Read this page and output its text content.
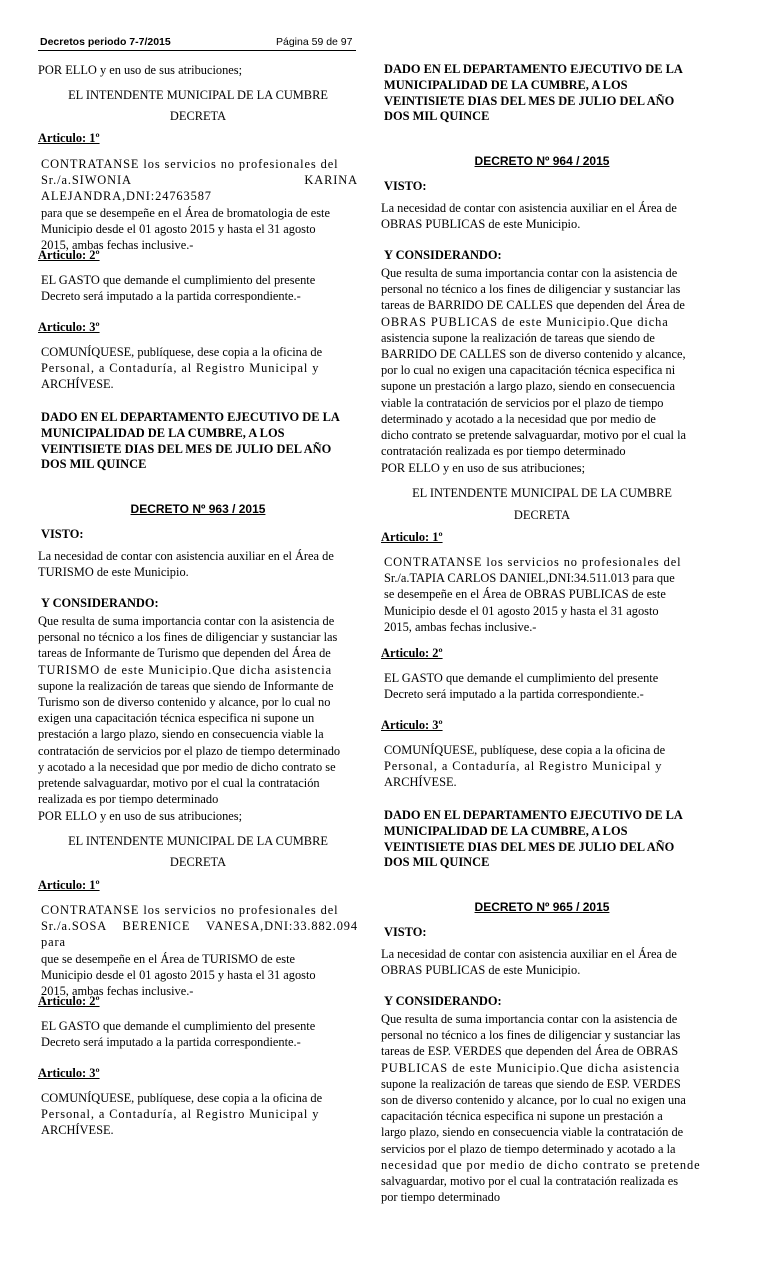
Decretos periodo 7-7/2015	Página 59 de 97
POR ELLO y en uso de sus atribuciones;
EL INTENDENTE MUNICIPAL DE LA CUMBRE
DECRETA
Articulo: 1º
CONTRATANSE los servicios no profesionales del
Sr./a.SIWONIA KARINA ALEJANDRA,DNI:24763587
para que se desempeñe en el Área de bromatologia de este
Municipio desde el 01 agosto 2015 y hasta el 31 agosto
2015, ambas fechas inclusive.-
Articulo: 2º
EL GASTO que demande el cumplimiento del presente
Decreto será imputado a la partida correspondiente.-
Articulo: 3º
COMUNÍQUESE, publíquese, dese copia a la oficina de
Personal, a Contaduría, al Registro Municipal y
ARCHÍVESE.
DADO EN EL DEPARTAMENTO EJECUTIVO DE LA
MUNICIPALIDAD DE LA CUMBRE, A LOS
VEINTISIETE DIAS DEL MES DE JULIO DEL AÑO
DOS MIL QUINCE
DECRETO Nº 963 / 2015
VISTO:
La necesidad de contar con asistencia auxiliar en el Área de
TURISMO de este Municipio.
Y CONSIDERANDO:
Que resulta de suma importancia contar con la asistencia de
personal no técnico a los fines de diligenciar y sustanciar las
tareas de Informante de Turismo que dependen del Área de
TURISMO de este Municipio.Que dicha asistencia
supone la realización de tareas que siendo de Informante de
Turismo son de diverso contenido y alcance, por lo cual no
exigen una capacitación técnica especifica ni supone un
prestación a largo plazo, siendo en consecuencia viable la
contratación de servicios por el plazo de tiempo determinado
y acotado a la necesidad que por medio de dicho contrato se
pretende salvaguardar, motivo por el cual la contratación
realizada es por tiempo determinado
POR ELLO y en uso de sus atribuciones;
EL INTENDENTE MUNICIPAL DE LA CUMBRE
DECRETA
Articulo: 1º
CONTRATANSE los servicios no profesionales del
Sr./a.SOSA BERENICE VANESA,DNI:33.882.094 para
que se desempeñe en el Área de TURISMO de este
Municipio desde el 01 agosto 2015 y hasta el 31 agosto
2015, ambas fechas inclusive.-
Articulo: 2º
EL GASTO que demande el cumplimiento del presente
Decreto será imputado a la partida correspondiente.-
Articulo: 3º
COMUNÍQUESE, publíquese, dese copia a la oficina de
Personal, a Contaduría, al Registro Municipal y
ARCHÍVESE.
DADO EN EL DEPARTAMENTO EJECUTIVO DE LA
MUNICIPALIDAD DE LA CUMBRE, A LOS
VEINTISIETE DIAS DEL MES DE JULIO DEL AÑO
DOS MIL QUINCE
DECRETO Nº 964 / 2015
VISTO:
La necesidad de contar con asistencia auxiliar en el Área de
OBRAS PUBLICAS de este Municipio.
Y CONSIDERANDO:
Que resulta de suma importancia contar con la asistencia de
personal no técnico a los fines de diligenciar y sustanciar las
tareas de BARRIDO DE CALLES que dependen del Área de
OBRAS PUBLICAS de este Municipio.Que dicha
asistencia supone la realización de tareas que siendo de
BARRIDO DE CALLES son de diverso contenido y alcance,
por lo cual no exigen una capacitación técnica especifica ni
supone un prestación a largo plazo, siendo en consecuencia
viable la contratación de servicios por el plazo de tiempo
determinado y acotado a la necesidad que por medio de
dicho contrato se pretende salvaguardar, motivo por el cual la
contratación realizada es por tiempo determinado
POR ELLO y en uso de sus atribuciones;
EL INTENDENTE MUNICIPAL DE LA CUMBRE
DECRETA
Articulo: 1º
CONTRATANSE los servicios no profesionales del
Sr./a.TAPIA CARLOS DANIEL,DNI:34.511.013 para que
se desempeñe en el Área de OBRAS PUBLICAS de este
Municipio desde el 01 agosto 2015 y hasta el 31 agosto
2015, ambas fechas inclusive.-
Articulo: 2º
EL GASTO que demande el cumplimiento del presente
Decreto será imputado a la partida correspondiente.-
Articulo: 3º
COMUNÍQUESE, publíquese, dese copia a la oficina de
Personal, a Contaduría, al Registro Municipal y
ARCHÍVESE.
DADO EN EL DEPARTAMENTO EJECUTIVO DE LA
MUNICIPALIDAD DE LA CUMBRE, A LOS
VEINTISIETE DIAS DEL MES DE JULIO DEL AÑO
DOS MIL QUINCE
DECRETO Nº 965 / 2015
VISTO:
La necesidad de contar con asistencia auxiliar en el Área de
OBRAS PUBLICAS de este Municipio.
Y CONSIDERANDO:
Que resulta de suma importancia contar con la asistencia de
personal no técnico a los fines de diligenciar y sustanciar las
tareas de ESP. VERDES que dependen del Área de OBRAS
PUBLICAS de este Municipio.Que dicha asistencia
supone la realización de tareas que siendo de ESP. VERDES
son de diverso contenido y alcance, por lo cual no exigen una
capacitación técnica especifica ni supone un prestación a
largo plazo, siendo en consecuencia viable la contratación de
servicios por el plazo de tiempo determinado y acotado a la
necesidad que por medio de dicho contrato se pretende
salvaguardar, motivo por el cual la contratación realizada es
por tiempo determinado
